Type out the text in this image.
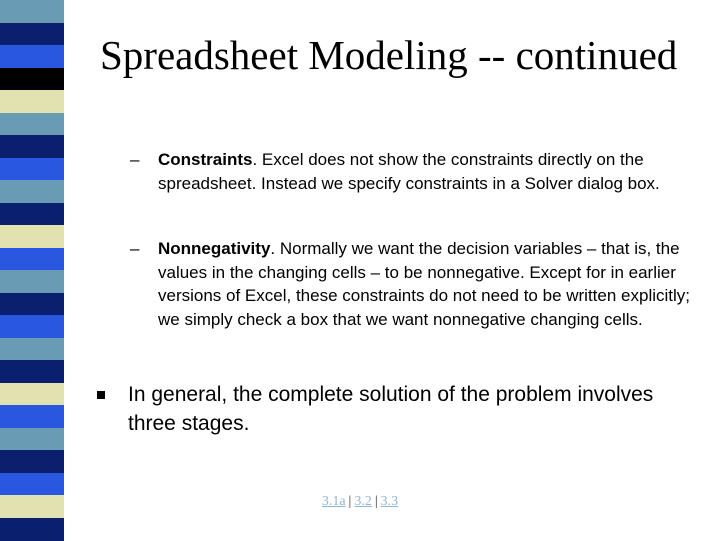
Spreadsheet Modeling -- continued
– Constraints. Excel does not show the constraints directly on the spreadsheet. Instead we specify constraints in a Solver dialog box.
– Nonnegativity. Normally we want the decision variables – that is, the values in the changing cells – to be nonnegative. Except for in earlier versions of Excel, these constraints do not need to be written explicitly; we simply check a box that we want nonnegative changing cells.
In general, the complete solution of the problem involves three stages.
3.1a | 3.2 | 3.3
